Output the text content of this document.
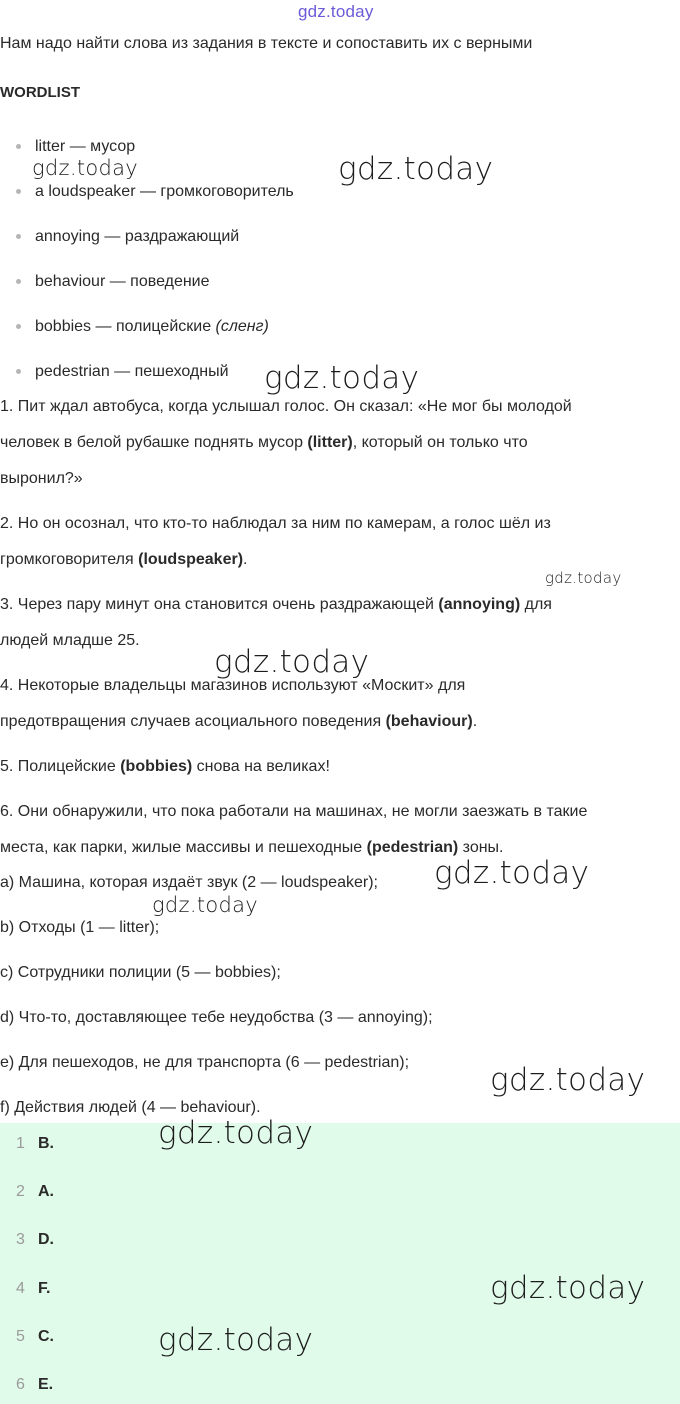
gdz.today
Нам надо найти слова из задания в тексте и сопоставить их с верными
WORDLIST
litter — мусор
a loudspeaker — громкоговоритель
annoying — раздражающий
behaviour — поведение
bobbies — полицейские (сленг)
pedestrian — пешеходный
1. Пит ждал автобуса, когда услышал голос. Он сказал: «Не мог бы молодой
человек в белой рубашке поднять мусор (litter), который он только что
выронил?»
2. Но он осознал, что кто-то наблюдал за ним по камерам, а голос шёл из
громкоговорителя (loudspeaker).
3. Через пару минут она становится очень раздражающей (annoying) для
людей младше 25.
4. Некоторые владельцы магазинов используют «Москит» для
предотвращения случаев асоциального поведения (behaviour).
5. Полицейские (bobbies) снова на великах!
6. Они обнаружили, что пока работали на машинах, не могли заезжать в такие
места, как парки, жилые массивы и пешеходные (pedestrian) зоны.
a) Машина, которая издаёт звук (2 — loudspeaker);
b) Отходы (1 — litter);
c) Сотрудники полиции (5 — bobbies);
d) Что-то, доставляющее тебе неудобства (3 — annoying);
e) Для пешеходов, не для транспорта (6 — pedestrian);
f) Действия людей (4 — behaviour).
1 B.
2 A.
3 D.
4 F.
5 C.
6 E.
gdz.today	gdz.today
gdz.today
gdz.today
gdz.today
gdz.today
gdz.today
gdz.today
gdz.today
gdz.today
gdz.today
